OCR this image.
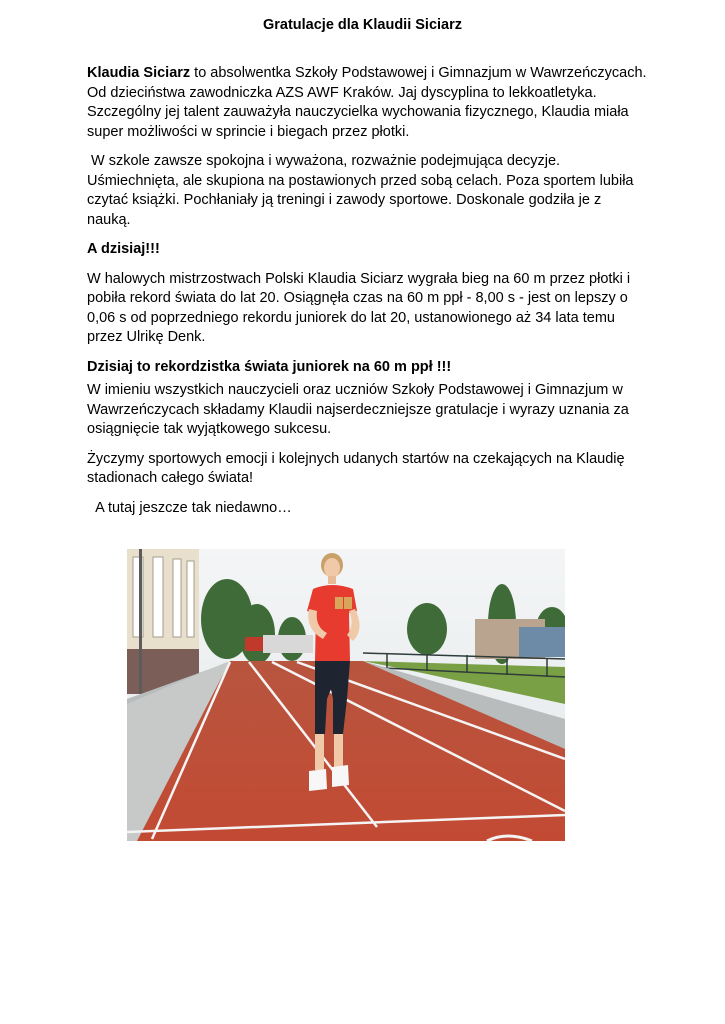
Gratulacje dla Klaudii Siciarz

Klaudia Siciarz to absolwentka Szkoły Podstawowej i Gimnazjum w Wawrzeńczycach. Od dzieciństwa zawodniczka AZS AWF Kraków. Jaj dyscyplina to lekkoatletyka. Szczególny jej talent zauważyła nauczycielka wychowania fizycznego, Klaudia miała super możliwości w sprincie i biegach przez płotki.

W szkole zawsze spokojna i wyważona, rozważnie podejmująca decyzje. Uśmiechnięta, ale skupiona na postawionych przed sobą celach. Poza sportem lubiła czytać książki. Pochłaniały ją treningi i zawody sportowe. Doskonale godziła je z nauką.

A dzisiaj!!!

W halowych mistrzostwach Polski Klaudia Siciarz wygrała bieg na 60 m przez płotki i pobiła rekord świata do lat 20. Osiągnęła czas na 60 m ppł - 8,00 s - jest on lepszy o 0,06 s od poprzedniego rekordu juniorek do lat 20, ustanowionego aż 34 lata temu przez Ulrikę Denk.

Dzisiaj to rekordzistka świata juniorek na 60 m ppł !!!

W imieniu wszystkich nauczycieli oraz uczniów Szkoły Podstawowej i Gimnazjum w Wawrzeńczycach składamy Klaudii najserdeczniejsze gratulacje i wyrazy uznania za osiągnięcie tak wyjątkowego sukcesu.

Życzymy sportowych emocji i kolejnych udanych startów na czekających na Klaudię stadionach całego świata!

A tutaj jeszcze tak niedawno…
